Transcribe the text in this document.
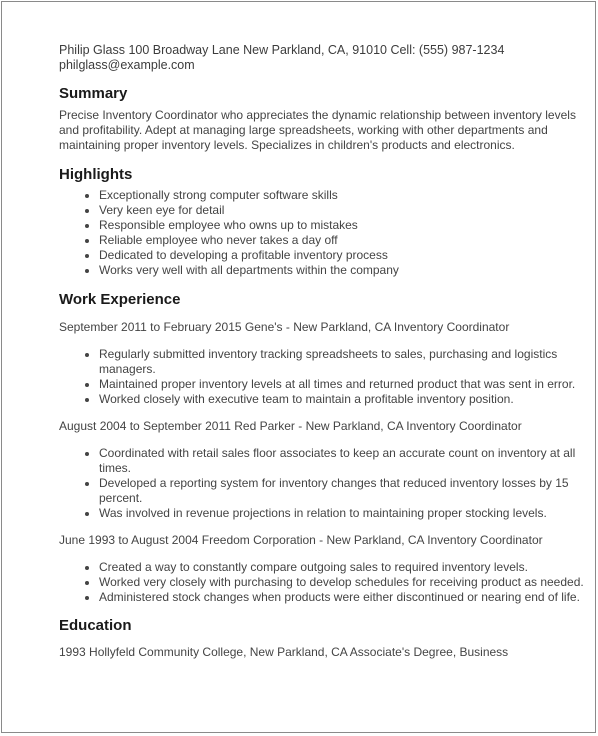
Philip Glass 100 Broadway Lane New Parkland, CA, 91010 Cell: (555) 987-1234
philglass@example.com
Summary

Precise Inventory Coordinator who appreciates the dynamic relationship between inventory levels and profitability. Adept at managing large spreadsheets, working with other departments and maintaining proper inventory levels. Specializes in children's products and electronics.

Highlights
• Exceptionally strong computer software skills
• Very keen eye for detail
• Responsible employee who owns up to mistakes
• Reliable employee who never takes a day off
• Dedicated to developing a profitable inventory process
• Works very well with all departments within the company
Work Experience
September 2011 to February 2015 Gene's - New Parkland, CA Inventory Coordinator
• Regularly submitted inventory tracking spreadsheets to sales, purchasing and logistics managers.
• Maintained proper inventory levels at all times and returned product that was sent in error.
• Worked closely with executive team to maintain a profitable inventory position.
August 2004 to September 2011 Red Parker - New Parkland, CA Inventory Coordinator
• Coordinated with retail sales floor associates to keep an accurate count on inventory at all times.
• Developed a reporting system for inventory changes that reduced inventory losses by 15 percent.
• Was involved in revenue projections in relation to maintaining proper stocking levels.
June 1993 to August 2004 Freedom Corporation - New Parkland, CA Inventory Coordinator
• Created a way to constantly compare outgoing sales to required inventory levels.
• Worked very closely with purchasing to develop schedules for receiving product as needed.
• Administered stock changes when products were either discontinued or nearing end of life.
Education

1993 Hollyfeld Community College, New Parkland, CA Associate's Degree, Business
